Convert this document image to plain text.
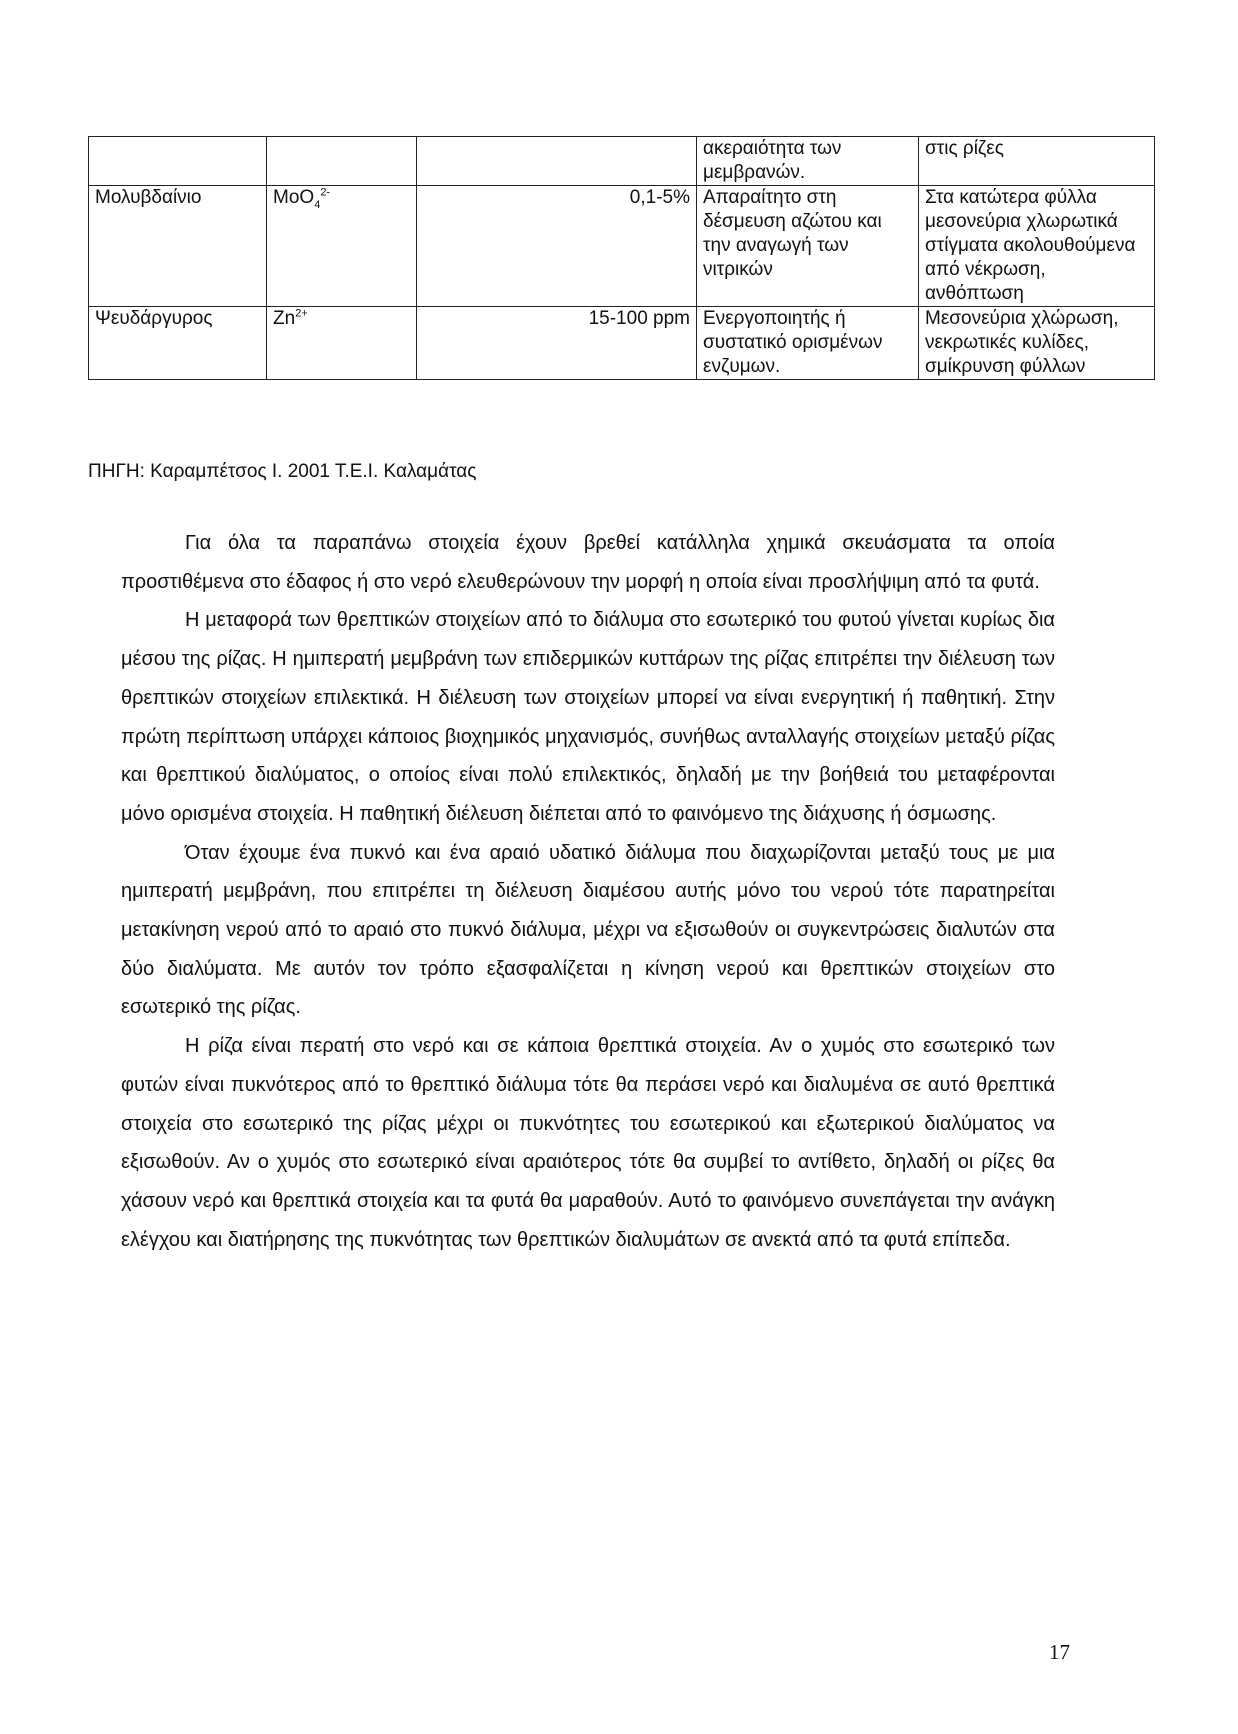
			ακεραιότητα των μεμβρανών.	στις ρίζες
Μολυβδαίνιο	MoO$_4^{2-}$	0,1-5%	Απαραίτητο στη δέσμευση αζώτου και την αναγωγή των νιτρικών	Στα κατώτερα φύλλα μεσονεύρια χλωρωτικά στίγματα ακολουθούμενα από νέκρωση, ανθόπτωση
Ψευδάργυρος	$Zn^{2+}$	15-100 ppm	Ενεργοποιητής ή συστατικό ορισμένων ενζυμων.	Μεσονεύρια χλώρωση, νεκρωτικές κυλίδες, σμίκρυνση φύλλων
ΠΗΓΗ: Καραμπέτσος Ι. 2001 Τ.Ε.Ι. Καλαμάτας

Για όλα τα παραπάνω στοιχεία έχουν βρεθεί κατάλληλα χημικά σκευάσματα τα οποία προστιθέμενα στο έδαφος ή στο νερό ελευθερώνουν την μορφή η οποία είναι προσλήψιμη από τα φυτά.

Η μεταφορά των θρεπτικών στοιχείων από το διάλυμα στο εσωτερικό του φυτού γίνεται κυρίως δια μέσου της ρίζας. Η ημιπερατή μεμβράνη των επιδερμικών κυττάρων της ρίζας επιτρέπει την διέλευση των θρεπτικών στοιχείων επιλεκτικά. Η διέλευση των στοιχείων μπορεί να είναι ενεργητική ή παθητική. Στην πρώτη περίπτωση υπάρχει κάποιος βιοχημικός μηχανισμός, συνήθως ανταλλαγής στοιχείων μεταξύ ρίζας και θρεπτικού διαλύματος, ο οποίος είναι πολύ επιλεκτικός, δηλαδή με την βοήθειά του μεταφέρονται μόνο ορισμένα στοιχεία. Η παθητική διέλευση διέπεται από το φαινόμενο της διάχυσης ή όσμωσης.

Όταν έχουμε ένα πυκνό και ένα αραιό υδατικό διάλυμα που διαχωρίζονται μεταξύ τους με μια ημιπερατή μεμβράνη, που επιτρέπει τη διέλευση διαμέσου αυτής μόνο του νερού τότε παρατηρείται μετακίνηση νερού από το αραιό στο πυκνό διάλυμα, μέχρι να εξισωθούν οι συγκεντρώσεις διαλυτών στα δύο διαλύματα. Με αυτόν τον τρόπο εξασφαλίζεται η κίνηση νερού και θρεπτικών στοιχείων στο εσωτερικό της ρίζας.

Η ρίζα είναι περατή στο νερό και σε κάποια θρεπτικά στοιχεία. Αν ο χυμός στο εσωτερικό των φυτών είναι πυκνότερος από το θρεπτικό διάλυμα τότε θα περάσει νερό και διαλυμένα σε αυτό θρεπτικά στοιχεία στο εσωτερικό της ρίζας μέχρι οι πυκνότητες του εσωτερικού και εξωτερικού διαλύματος να εξισωθούν. Αν ο χυμός στο εσωτερικό είναι αραιότερος τότε θα συμβεί το αντίθετο, δηλαδή οι ρίζες θα χάσουν νερό και θρεπτικά στοιχεία και τα φυτά θα μαραθούν. Αυτό το φαινόμενο συνεπάγεται την ανάγκη ελέγχου και διατήρησης της πυκνότητας των θρεπτικών διαλυμάτων σε ανεκτά από τα φυτά επίπεδα.

17
